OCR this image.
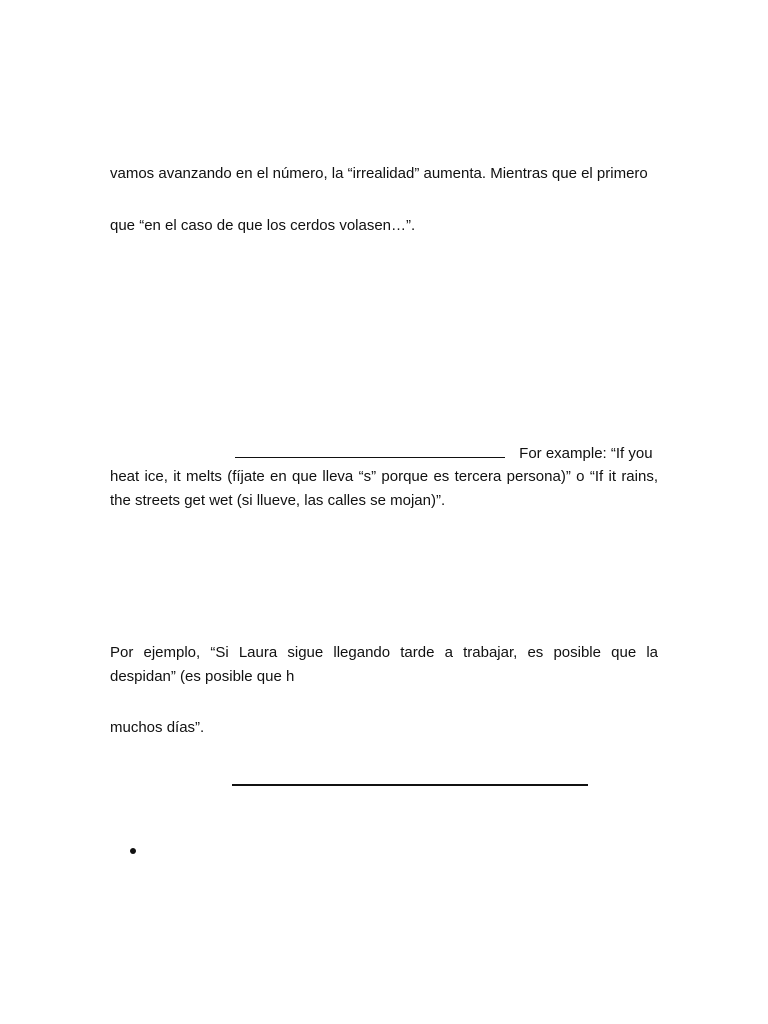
vamos avanzando en el número, la “irrealidad” aumenta. Mientras que el primero
que “en el caso de que los cerdos volasen…”.
For example: “If you
heat ice, it melts (fíjate en que lleva “s” porque es tercera persona)” o “If it rains,
the streets get wet (si llueve, las calles se mojan)”.
Por ejemplo, “Si Laura sigue llegando tarde a trabajar, es posible que la
despidan” (es posible que h
muchos días”.
